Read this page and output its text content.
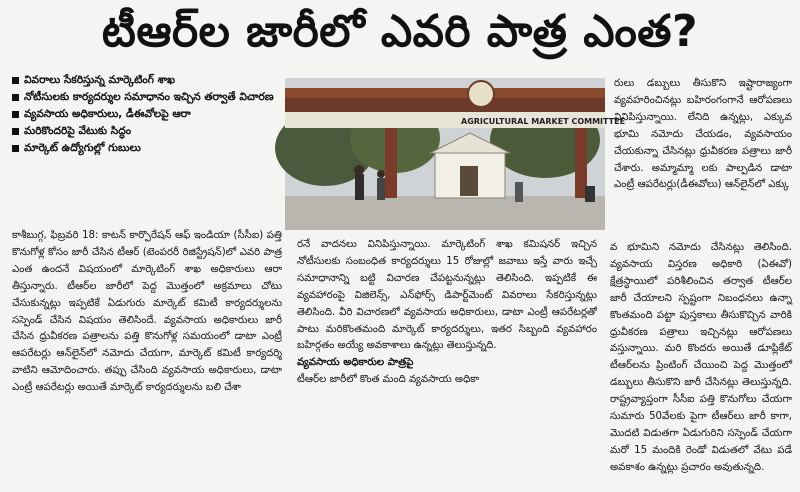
టీఆర్‌ల జారీలో ఎవరి పాత్ర ఎంత?
వివరాలు సేకరిస్తున్న మార్కెటింగ్ శాఖ
నోటీసులకు కార్యదర్శుల సమాధానం ఇచ్చిన తర్వాతే విచారణ
వ్యవసాయ అధికారులు, డీఈవోలపై ఆరా
మరికొందరిపై వేటుకు సిద్ధం
మార్కెట్ ఉద్యోగుల్లో గుబులు
AGRICULTURAL MARKET COMMITTEE

కాశీబుగ్గ, ఫిబ్రవరి 18: కాటన్ కార్పొరేషన్ ఆఫ్ ఇండియా (సీసీఐ) పత్తి కొనుగోళ్ల కోసం జారీ చేసిన టీఆర్ (టెంపరరీ రిజిస్ట్రేషన్)లో ఎవరి పాత్ర ఎంత ఉందనే విషయంలో మార్కెటింగ్ శాఖ అధికారులు ఆరా తీస్తున్నారు. టీఆర్‌ల జారీలో పెద్ద మొత్తంలో అక్రమాలు చోటు చేసుకున్నట్లు ఇప్పటికే ఏడుగురు మార్కెట్ కమిటీ కార్యదర్శులను సస్పెండ్ చేసిన విషయం తెలిసిందే. వ్యవసాయ అధికారులు జారీ చేసిన ధ్రువీకరణ పత్రాలను పత్తి కొనుగోళ్ల సమయంలో డాటా ఎంట్రీ ఆపరేటర్లు ఆన్‌లైన్‌లో నమోదు చేయగా, మార్కెట్ కమిటీ కార్యదర్శి వాటిని ఆమోదించారు. తప్పు చేసింది వ్యవసాయ అధికారులు, డాటా ఎంట్రీ ఆపరేటర్లు అయితే మార్కెట్ కార్యదర్శులను బలి చేశా

రనే వాదనలు వినిపిస్తున్నాయి. మార్కెటింగ్ శాఖ కమిషనర్ ఇచ్చిన నోటీసులకు సంబంధిత కార్యదర్శులు 15 రోజుల్లో జవాబు ఇస్తే వారు ఇచ్చే సమాధానాన్ని బట్టి విచారణ చేపట్టనున్నట్లు తెలిసింది. ఇప్పటికే ఈ వ్యవహారంపై విజిలెన్స్, ఎన్‌ఫోర్స్ డిపార్ట్‌మెంట్ వివరాలు సేకరిస్తున్నట్లు తెలిసింది. వీరి విచారణలో వ్యవసాయ అధికారులు, డాటా ఎంట్రీ ఆపరేటర్లతో పాటు మరికొంతమంది మార్కెట్ కార్యదర్శులు, ఇతర సిబ్బంది వ్యవహారం బహిర్గతం అయ్యే అవకాశాలు ఉన్నట్లు తెలుస్తున్నది.

వ్యవసాయ అధికారుల పాత్రపై

టీఆర్‌ల జారీలో కొంత మంది వ్యవసాయ అధికా

రులు డబ్బులు తీసుకొని ఇష్టారాజ్యంగా వ్యవహరించినట్లు బహిరంగంగానే ఆరోపణలు వినిపిస్తున్నాయి. లేనిది ఉన్నట్లు, ఎక్కువ భూమి నమోదు చేయడం, వ్యవసాయం చేయకున్నా చేసినట్లు ధ్రువీకరణ పత్రాలు జారీ చేశారు. అమ్మామ్మా లకు పాల్పడిన డాటా ఎంట్రీ ఆపరేటర్లు(డీఈవోలు) ఆన్‌లైన్‌లో ఎక్కు

వ భూమిని నమోదు చేసినట్లు తెలిసింది. వ్యవసాయ విస్తరణ అధికారి (ఏఈవో) క్షేత్రస్థాయిలో పరిశీలించిన తర్వాత టీఆర్‌ల జారీ చేయాలని స్పష్టంగా నిబంధనలు ఉన్నా కొంతమంది పట్టా పుస్తకాలు తీసుకొచ్చిన వారికి ధ్రువీకరణ పత్రాలు ఇచ్చినట్లు ఆరోపణలు వస్తున్నాయి. మరి కొందరు అయితే డూప్లికేట్ టీఆర్‌లను ప్రింటింగ్ చేయించి పెద్ద మొత్తంలో డబ్బులు తీసుకొని జారీ చేసినట్లు తెలుస్తున్నది. రాష్ట్రవ్యాప్తంగా సీసీఐ పత్తి కొనుగోలు చేయగా సుమారు 50వేలకు పైగా టీఆర్‌లు జారీ కాగా, మొదటి విడుతగా ఏడుగురిని సస్పెండ్ చేయగా మరో 15 మందికి రెండో విడుతలో వేటు పడే అవకాశం ఉన్నట్లు ప్రచారం అవుతున్నది.
